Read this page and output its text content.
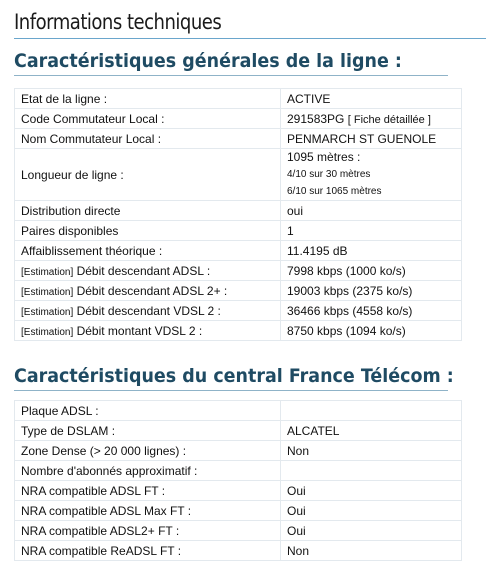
Informations techniques
Caractéristiques générales de la ligne :
Etat de la ligne :	ACTIVE
Code Commutateur Local :	291583PG [ Fiche détaillée ]
Nom Commutateur Local :	PENMARCH ST GUENOLE
Longueur de ligne :	1095 mètres :
4/10 sur 30 mètres
6/10 sur 1065 mètres

Distribution directe	oui
Paires disponibles	1
Affaiblissement théorique :	11.4195 dB
[Estimation] Débit descendant ADSL :	7998 kbps (1000 ko/s)
[Estimation] Débit descendant ADSL 2+ :	19003 kbps (2375 ko/s)
[Estimation] Débit descendant VDSL 2 :	36466 kbps (4558 ko/s)
[Estimation] Débit montant VDSL 2 :	8750 kbps (1094 ko/s)
Caractéristiques du central France Télécom :
Plaque ADSL :	
Type de DSLAM :	ALCATEL
Zone Dense (> 20 000 lignes) :	Non
Nombre d'abonnés approximatif :	
NRA compatible ADSL FT :	Oui
NRA compatible ADSL Max FT :	Oui
NRA compatible ADSL2+ FT :	Oui
NRA compatible ReADSL FT :	Non
